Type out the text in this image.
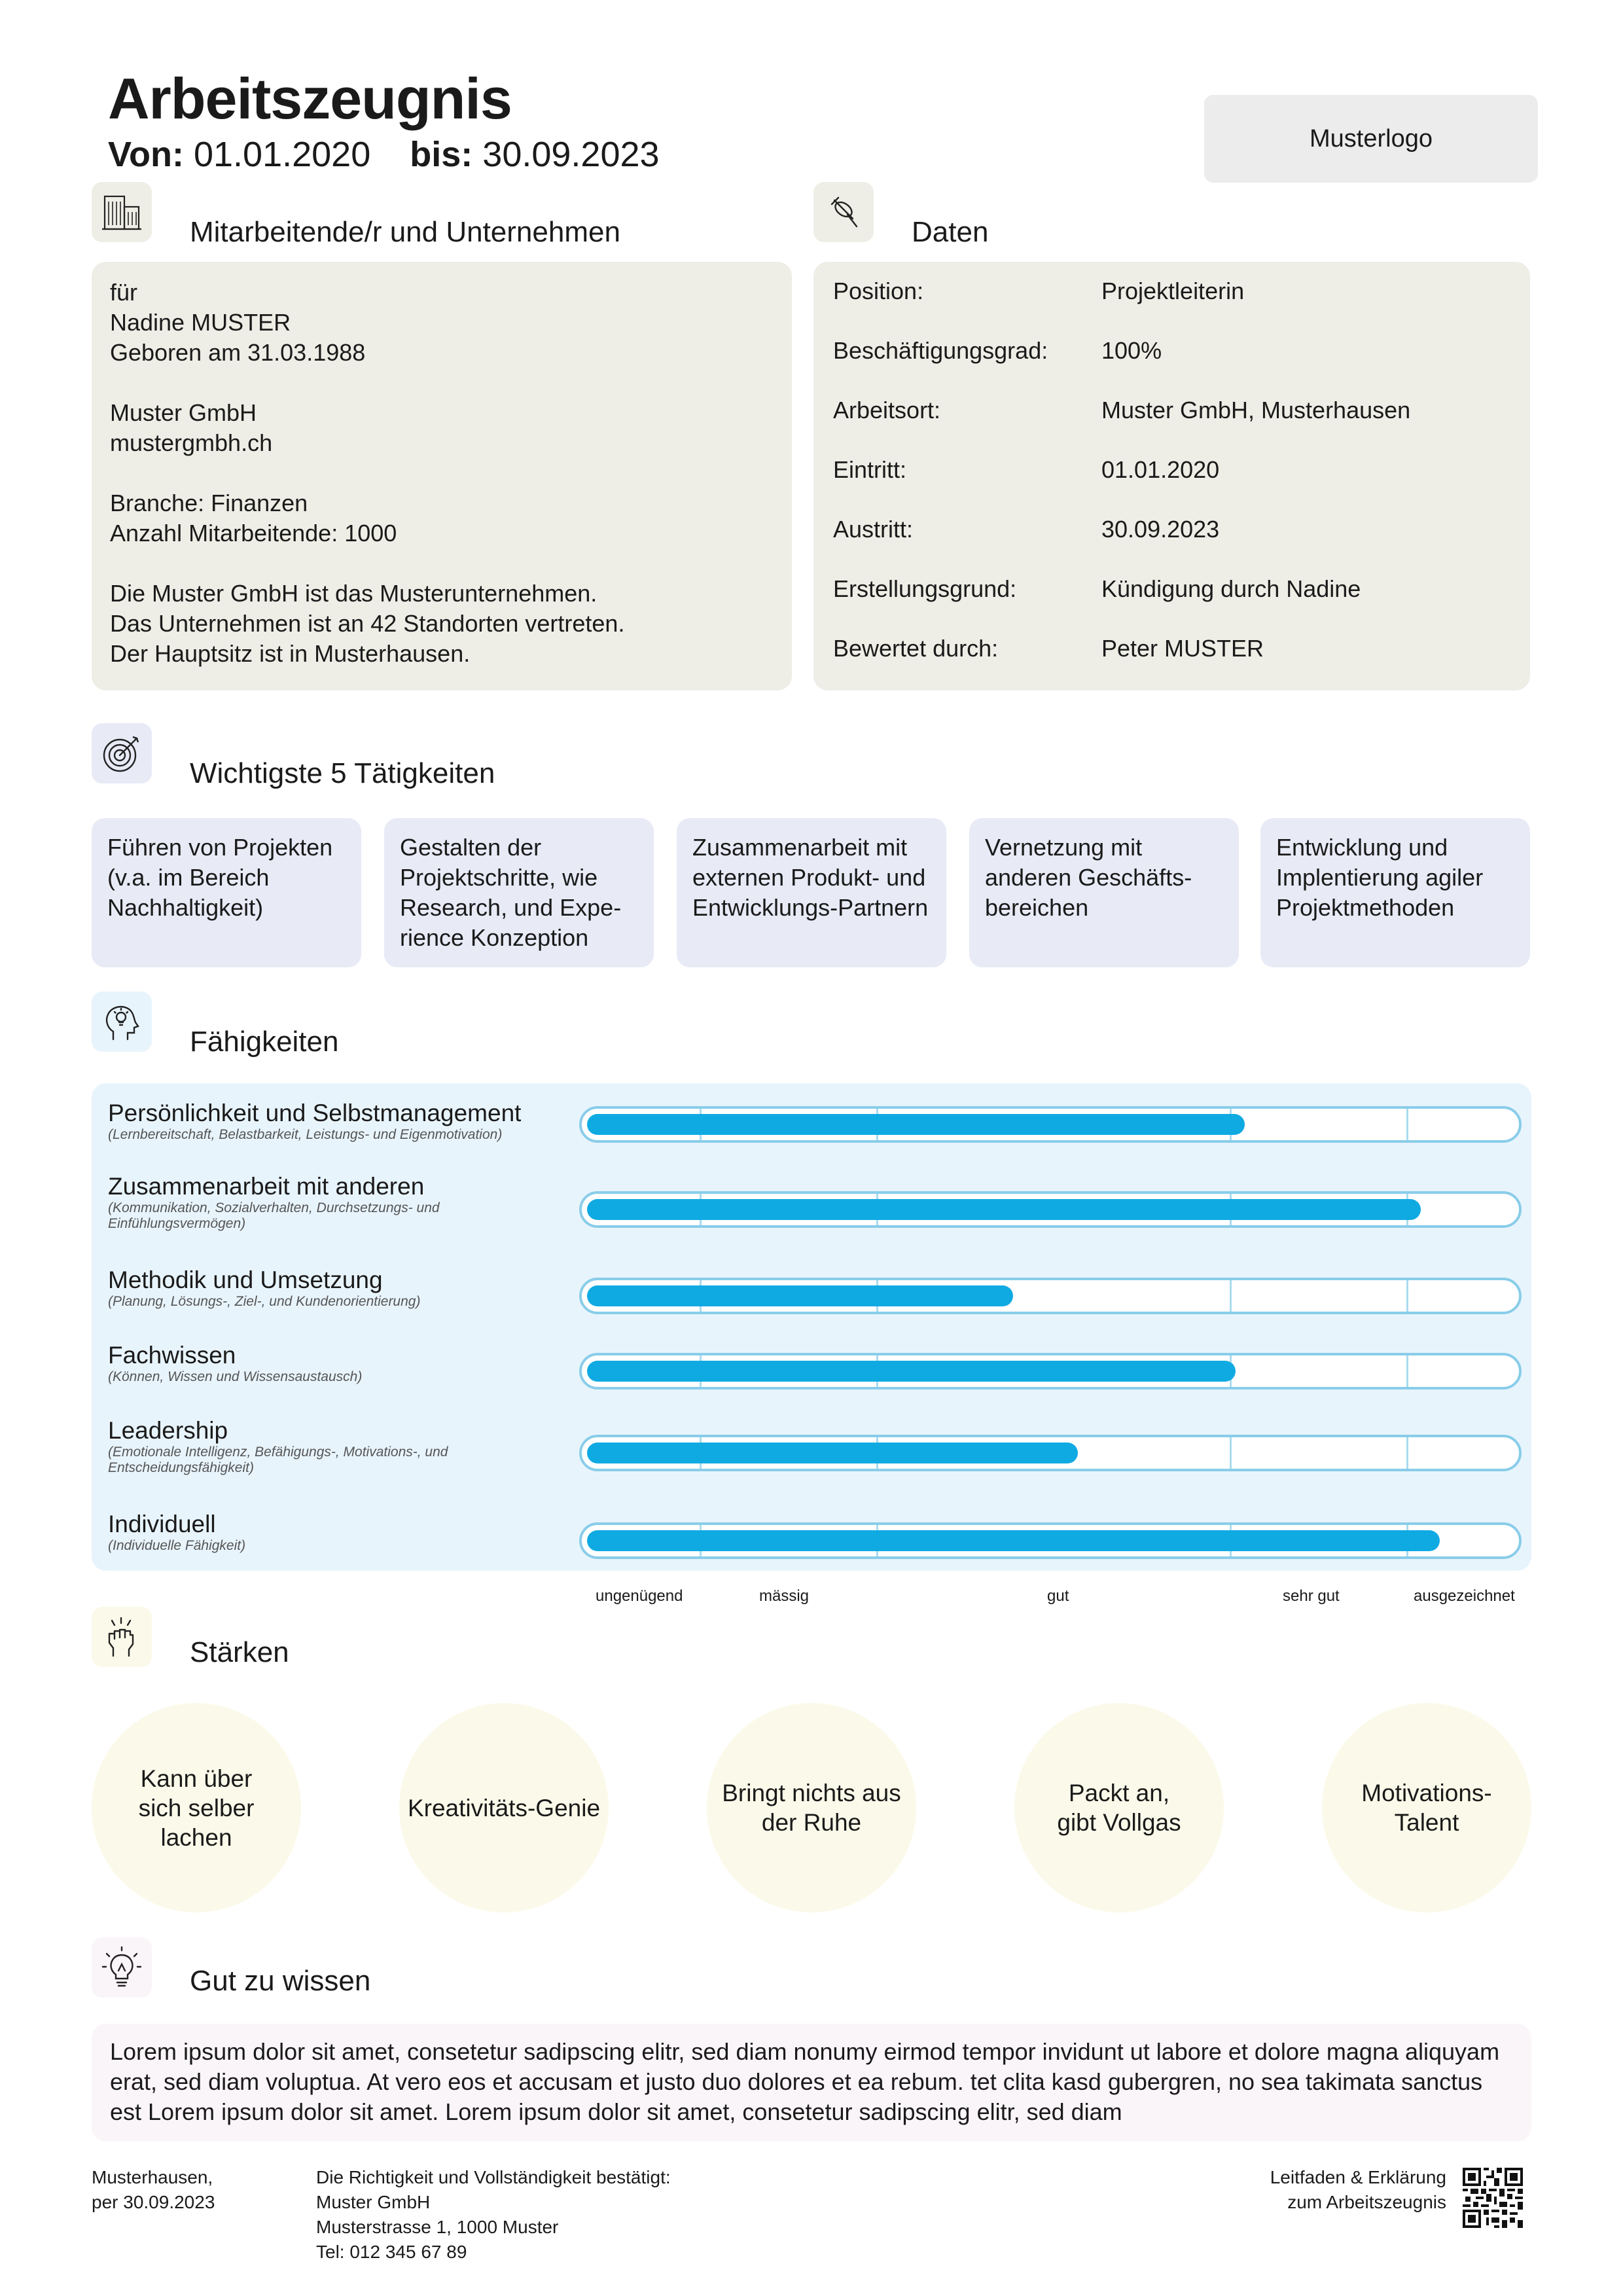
Arbeitszeugnis
Von: 01.01.2020 bis: 30.09.2023	Musterlogo
Mitarbeitende/r und Unternehmen

für

Nadine MUSTER

Geboren am 31.03.1988

Muster GmbH

mustergmbh.ch

Branche: Finanzen

Anzahl Mitarbeitende: 1000

Die Muster GmbH ist das Musterunternehmen.

Das Unternehmen ist an 42 Standorten vertreten.

Der Hauptsitz ist in Musterhausen.

Daten
Position:	Projektleiterin
Beschäftigungsgrad: 100%
Arbeitsort:	Muster GmbH, Musterhausen
Eintritt:	01.01.2020
Austritt:	30.09.2023
Erstellungsgrund:	Kündigung durch Nadine
Bewertet durch:	Peter MUSTER
Wichtigste 5 Tätigkeiten
Führen von Projekten (v.a. im Bereich Nachhaltigkeit)
Gestalten der Projektschritte, wie Research, und Expe-rience Konzeption
Zusammenarbeit mit externen Produkt- und Entwicklungs-Partnern
Vernetzung mit anderen Geschäfts-bereichen
Entwicklung und Implentierung agiler Projektmethoden
Fähigkeiten
Persönlichkeit und Selbstmanagement
(Lernbereitschaft, Belastbarkeit, Leistungs- und Eigenmotivation)
Zusammenarbeit mit anderen
(Kommunikation, Sozialverhalten, Durchsetzungs- und Einfühlungsvermögen)
Methodik und Umsetzung
(Planung, Lösungs-, Ziel-, und Kundenorientierung)
Fachwissen
(Können, Wissen und Wissensaustausch)
Leadership
(Emotionale Intelligenz, Befähigungs-, Motivations-, und Entscheidungsfähigkeit)
Individuell
(Individuelle Fähigkeit)
ungenügend	mässig	gut	sehr gut	ausgezeichnet
Stärken
Kann über sich selber lachen
Kreativitäts-Genie
Bringt nichts aus der Ruhe
Packt an, gibt Vollgas
Motivations-Talent
Gut zu wissen
Lorem ipsum dolor sit amet, consetetur sadipscing elitr, sed diam nonumy eirmod tempor invidunt ut labore et dolore magna aliquyam erat, sed diam voluptua. At vero eos et accusam et justo duo dolores et ea rebum. tet clita kasd gubergren, no sea takimata sanctus est Lorem ipsum dolor sit amet. Lorem ipsum dolor sit amet, consetetur sadipscing elitr, sed diam
Musterhausen,
per 30.09.2023
Die Richtigkeit und Vollständigkeit bestätigt:
Muster GmbH
Musterstrasse 1, 1000 Muster
Tel: 012 345 67 89
Leitfaden & Erklärung
zum Arbeitszeugnis
